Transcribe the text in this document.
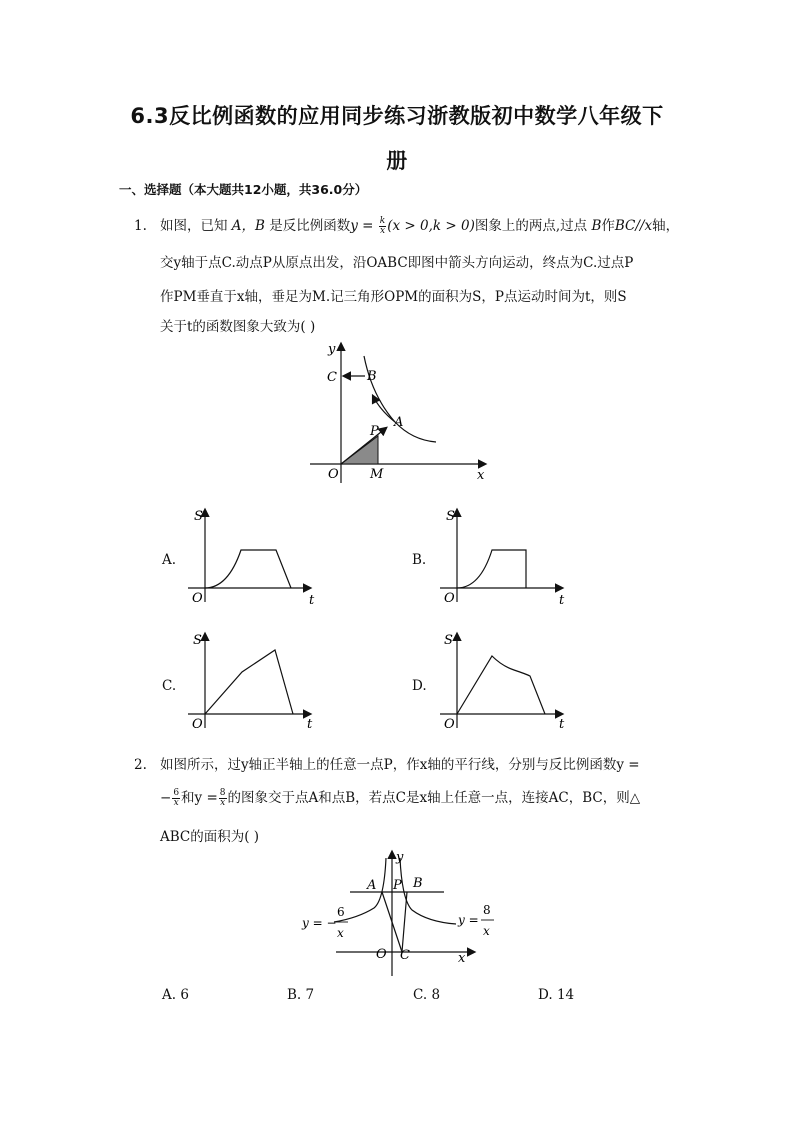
6.3反比例函数的应用同步练习浙教版初中数学八年级下
册
一、选择题（本大题共12小题，共36.0分）
1. 如图，已知 A，B 是反比例函数$y = \frac{k}{x} (x > 0,k > 0)$图象上的两点,过点 B作BC//x轴，
交y轴于点C.动点P从原点出发，沿OABC即图中箭头方向运动，终点为C.过点P
作PM垂直于x轴，垂足为M.记三角形OPM的面积为S，P点运动时间为t，则S
关于t的函数图象大致为( )
y
x
O M
C B
A
P
A.
S
t
O
B.
S
t
O
C.
S
t
O
D.
S
t
O
2. 如图所示，过y轴正半轴上的任意一点P，作x轴的平行线，分别与反比例函数y =
− $\frac{6}{x}$ 和$y = \frac{8}{x}$ 的图象交于点A和点B，若点C是x轴上任意一点，连接AC，BC，则△
ABC的面积为( )
y
x
O C
A P B
y = −
6
x
y =
8
x
A. 6	B. 7	C. 8	D. 14
